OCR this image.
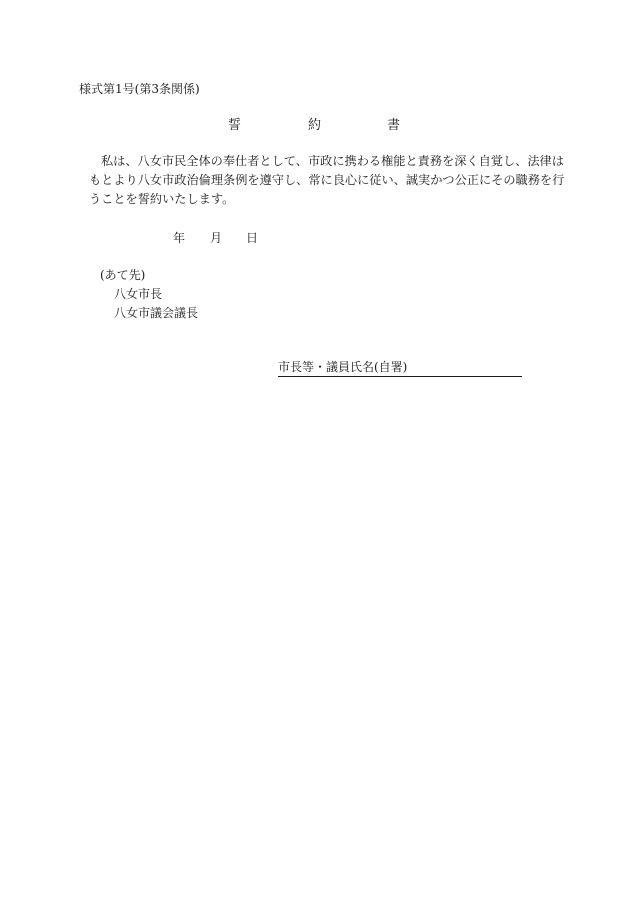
様式第1号(第3条関係)
誓	約	書
私は、八女市民全体の奉仕者として、市政に携わる権能と責務を深く自覚し、法律はもとより八女市政治倫理条例を遵守し、常に良心に従い、誠実かつ公正にその職務を行うことを誓約いたします。
年 月 日
(あて先)
八女市長
八女市議会議長
市長等・議員氏名(自署)
